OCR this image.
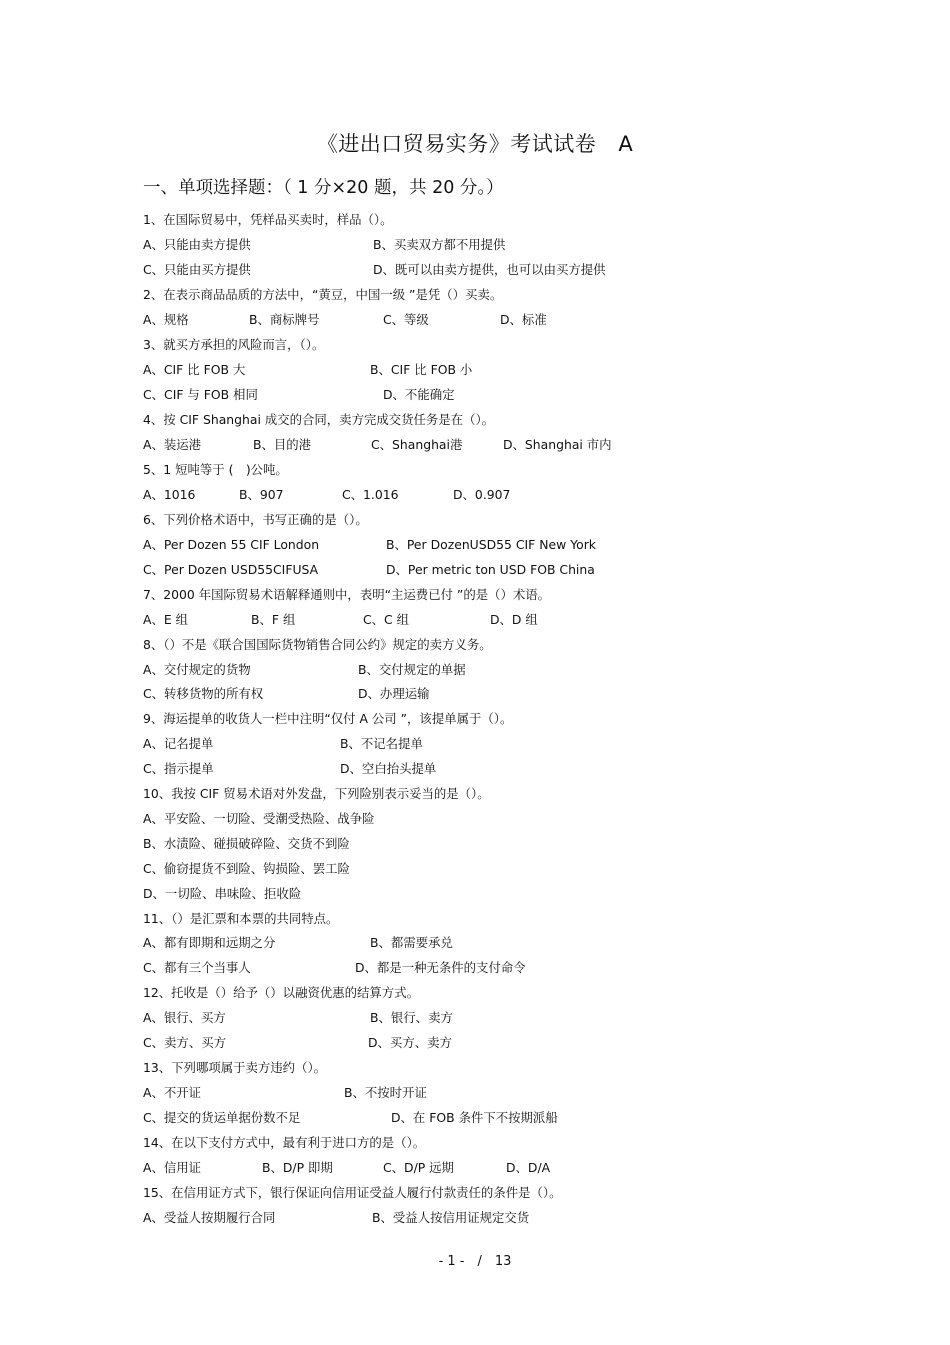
《进出口贸易实务》考试试卷 A
一、单项选择题：（ 1 分×20 题，共 20 分。）
1、在国际贸易中，凭样品买卖时，样品（）。
A、只能由卖方提供	B、买卖双方都不用提供
C、只能由买方提供	D、既可以由卖方提供，也可以由买方提供
2、在表示商品品质的方法中，“黄豆，中国一级 ”是凭（）买卖。
A、规格	B、商标牌号	C、等级	D、标准
3、就买方承担的风险而言，（）。
A、CIF 比 FOB 大	B、CIF 比 FOB 小
C、CIF 与 FOB 相同	D、不能确定
4、按 CIF Shanghai 成交的合同，卖方完成交货任务是在（）。
A、装运港	B、目的港	C、Shanghai港	D、Shanghai 市内
5、1 短吨等于 (　)公吨。
A、1016	B、907	C、1.016	D、0.907
6、下列价格术语中，书写正确的是（）。
A、Per Dozen 55 CIF London	B、Per DozenUSD55 CIF New York
C、Per Dozen USD55CIFUSA	D、Per metric ton USD FOB China
7、2000 年国际贸易术语解释通则中，表明“主运费已付 ”的是（）术语。
A、E 组	B、F 组	C、C 组	D、D 组
8、（）不是《联合国国际货物销售合同公约》规定的卖方义务。
A、交付规定的货物	B、交付规定的单据
C、转移货物的所有权	D、办理运输
9、海运提单的收货人一栏中注明“仅付 A 公司 ”，该提单属于（）。
A、记名提单	B、不记名提单
C、指示提单	D、空白抬头提单
10、我按 CIF 贸易术语对外发盘，下列险别表示妥当的是（）。
A、平安险、一切险、受潮受热险、战争险
B、水渍险、碰损破碎险、交货不到险
C、偷窃提货不到险、钩损险、罢工险
D、一切险、串味险、拒收险
11、（）是汇票和本票的共同特点。
A、都有即期和远期之分	B、都需要承兑
C、都有三个当事人	D、都是一种无条件的支付命令
12、托收是（）给予（）以融资优惠的结算方式。
A、银行、买方	B、银行、卖方
C、卖方、买方	D、买方、卖方
13、下列哪项属于卖方违约（）。
A、不开证	B、不按时开证
C、提交的货运单据份数不足	D、在 FOB 条件下不按期派船
14、在以下支付方式中，最有利于进口方的是（）。
A、信用证	B、D/P 即期	C、D/P 远期	D、D/A
15、在信用证方式下，银行保证向信用证受益人履行付款责任的条件是（）。
A、受益人按期履行合同	B、受益人按信用证规定交货
- 1 -　/　13
